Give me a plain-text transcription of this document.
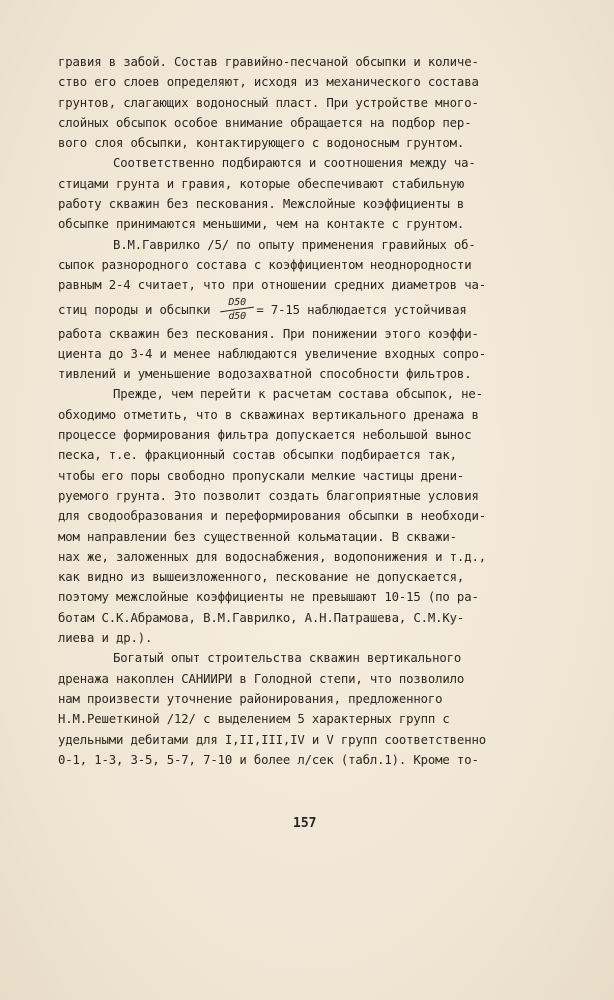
гравия в забой. Состав гравийно-песчаной обсыпки и количе-
ство его слоев определяют, исходя из механического состава
грунтов, слагающих водоносный пласт. При устройстве много-
слойных обсыпок особое внимание обращается на подбор пер-
вого слоя обсыпки, контактирующего с водоносным грунтом.
Соответственно подбираются и соотношения между ча-
стицами грунта и гравия, которые обеспечивают стабильную
работу скважин без пескования. Межслойные коэффициенты в
обсыпке принимаются меньшими, чем на контакте с грунтом.
В.М.Гаврилко /5/ по опыту применения гравийных об-
сыпок разнородного состава с коэффициентом неоднородности
равным 2-4 считает, что при отношении средних диаметров ча-
стиц породы и обсыпки D50
d50 = 7-15 наблюдается устойчивая
работа скважин без пескования. При понижении этого коэффи-
циента до 3-4 и менее наблюдаются увеличение входных сопро-
тивлений и уменьшение водозахватной способности фильтров.
Прежде, чем перейти к расчетам состава обсыпок, не-
обходимо отметить, что в скважинах вертикального дренажа в
процессе формирования фильтра допускается небольшой вынос
песка, т.е. фракционный состав обсыпки подбирается так,
чтобы его поры свободно пропускали мелкие частицы дрени-
руемого грунта. Это позволит создать благоприятные условия
для сводообразования и переформирования обсыпки в необходи-
мом направлении без существенной кольматации. В скважи-
нах же, заложенных для водоснабжения, водопонижения и т.д.,
как видно из вышеизложенного, пескование не допускается,
поэтому межслойные коэффициенты не превышают 10-15 (по ра-
ботам С.К.Абрамова, В.М.Гаврилко, А.Н.Патрашева, С.М.Ку-
лиева и др.).
Богатый опыт строительства скважин вертикального
дренажа накоплен САНИИРИ в Голодной степи, что позволило
нам произвести уточнение районирования, предложенного
Н.М.Решеткиной /12/ с выделением 5 характерных групп с
удельными дебитами для I,II,III,IV и V групп соответственно
0-1, 1-3, 3-5, 5-7, 7-10 и более л/сек (табл.1). Кроме то-
157
